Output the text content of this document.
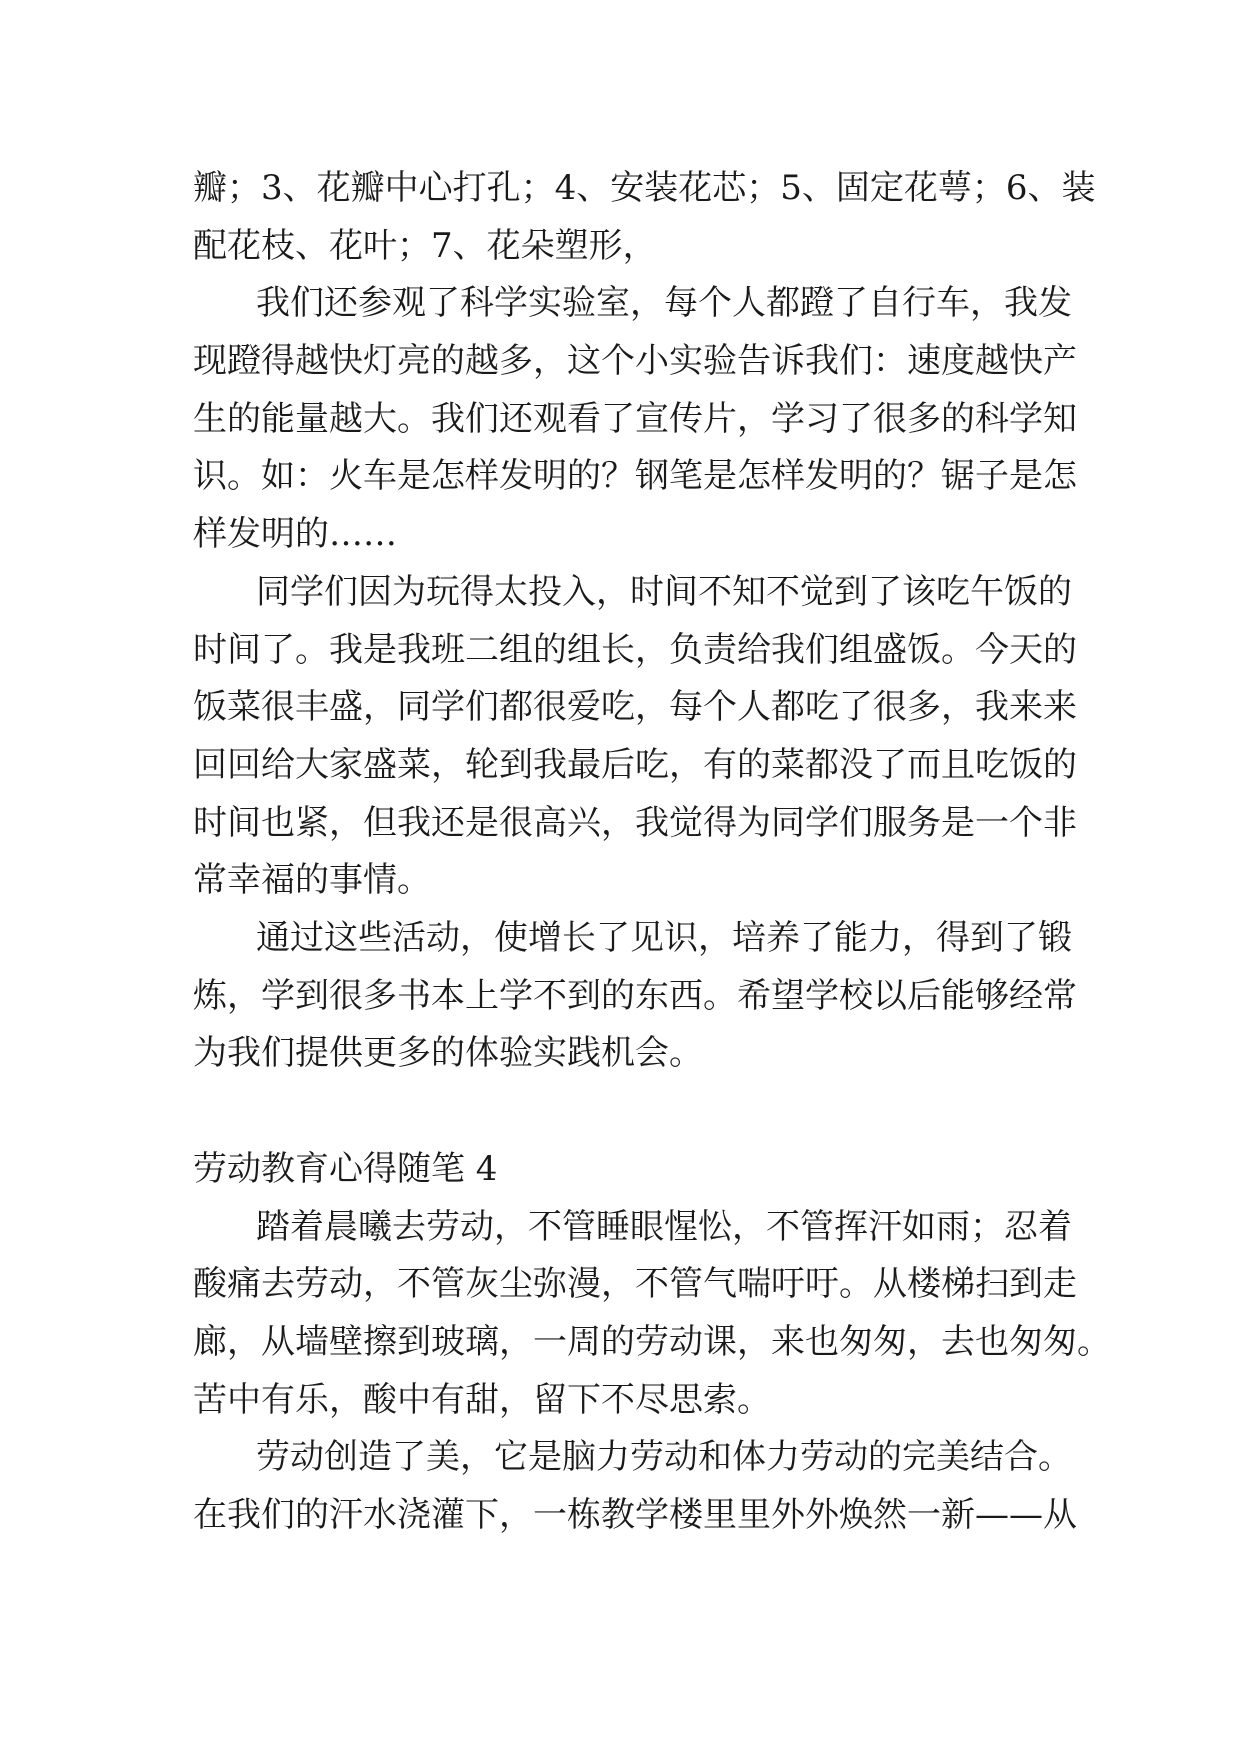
瓣；3、花瓣中心打孔；4、安装花芯；5、固定花萼；6、装
配花枝、花叶；7、花朵塑形，
我们还参观了科学实验室，每个人都蹬了自行车，我发
现蹬得越快灯亮的越多，这个小实验告诉我们：速度越快产
生的能量越大。我们还观看了宣传片，学习了很多的科学知
识。如：火车是怎样发明的？钢笔是怎样发明的？锯子是怎
样发明的……
同学们因为玩得太投入，时间不知不觉到了该吃午饭的
时间了。我是我班二组的组长，负责给我们组盛饭。今天的
饭菜很丰盛，同学们都很爱吃，每个人都吃了很多，我来来
回回给大家盛菜，轮到我最后吃，有的菜都没了而且吃饭的
时间也紧，但我还是很高兴，我觉得为同学们服务是一个非
常幸福的事情。
通过这些活动，使增长了见识，培养了能力，得到了锻
炼，学到很多书本上学不到的东西。希望学校以后能够经常
为我们提供更多的体验实践机会。
劳动教育心得随笔 4
踏着晨曦去劳动，不管睡眼惺忪，不管挥汗如雨；忍着
酸痛去劳动，不管灰尘弥漫，不管气喘吁吁。从楼梯扫到走
廊，从墙壁擦到玻璃，一周的劳动课，来也匆匆，去也匆匆。
苦中有乐，酸中有甜，留下不尽思索。
劳动创造了美，它是脑力劳动和体力劳动的完美结合。
在我们的汗水浇灌下，一栋教学楼里里外外焕然一新——从
